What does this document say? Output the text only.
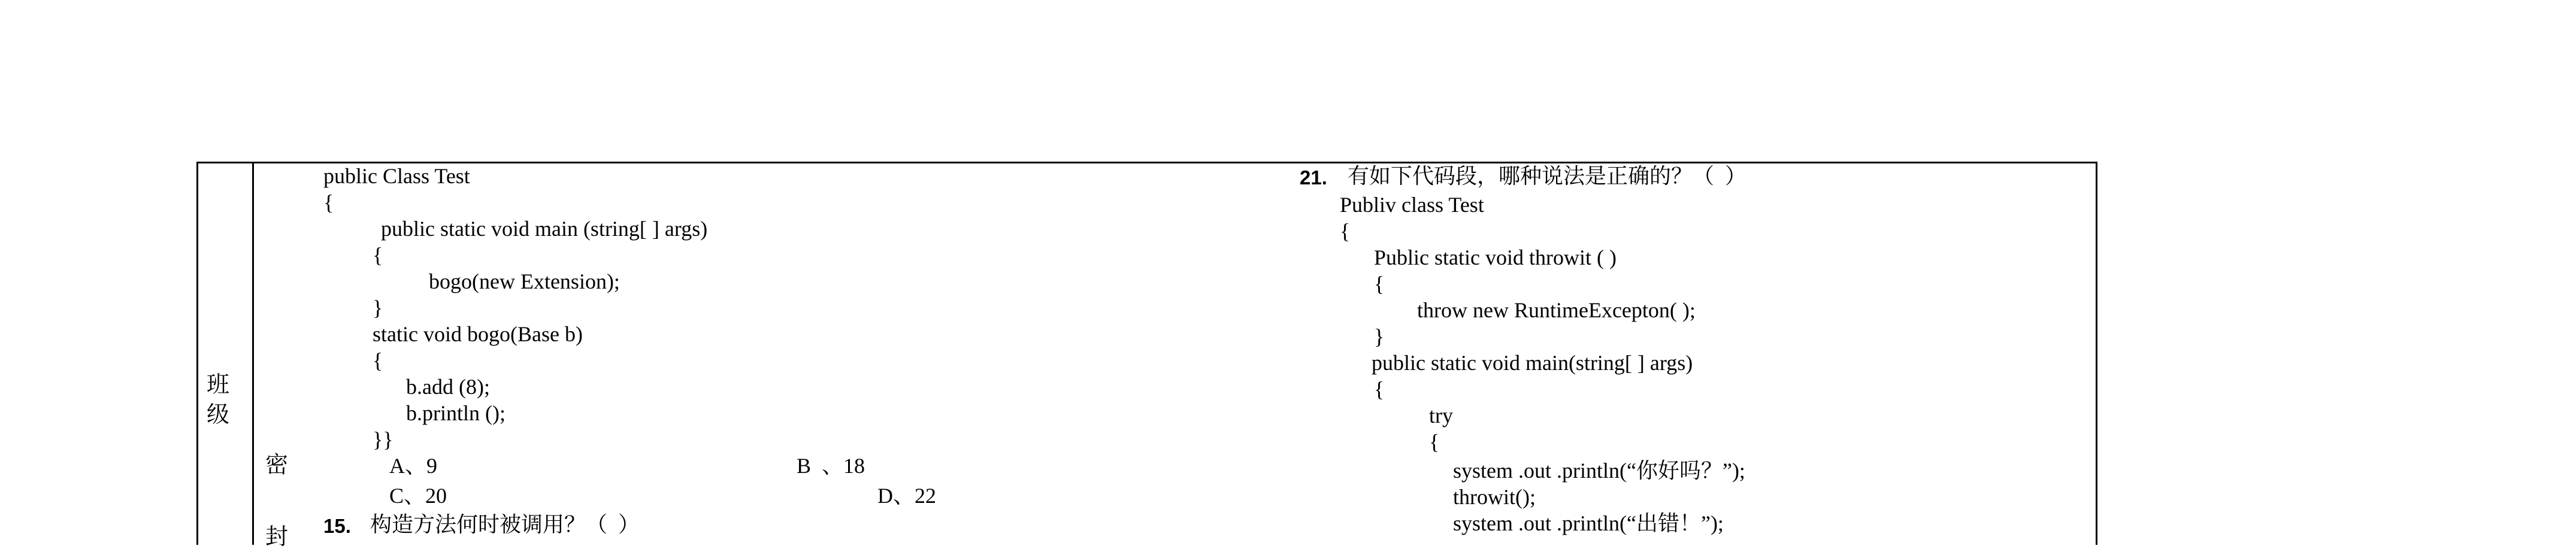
班
级
密
封
public Class Test
{
public static void main (string[ ] args)
{
bogo(new Extension);
}
static void bogo(Base b)
{
b.add (8);
b.println ();
}}
A、9	B  、18
C、20	D、22
15. 构造方法何时被调用？（  ）
21. 有如下代码段，哪种说法是正确的？（  ）
Publiv class Test
{
Public static void throwit ( )
{
throw new RuntimeExcepton( );
}
public static void main(string[ ] args)
{
try
{
system .out .println(“你好吗？”);
throwit();
system .out .println(“出错！”);
